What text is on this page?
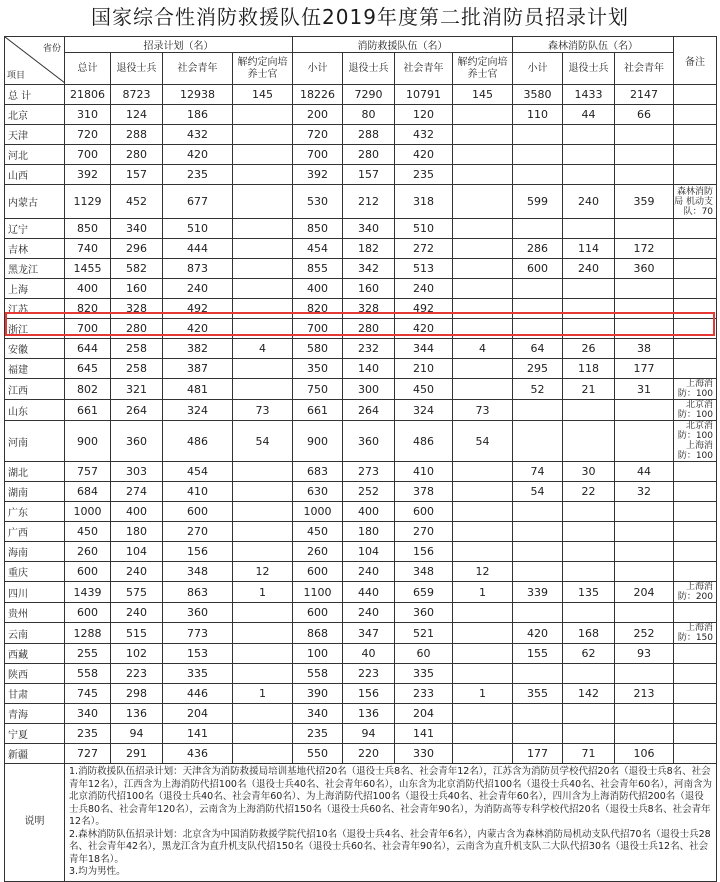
国家综合性消防救援队伍2019年度第二批消防员招录计划
省份
项目	招录计划（名）				消防救援队伍（名）				森林消防队伍（名）			备注
	总计	退役士兵	社会青年	解约定向培养士官	小计	退役士兵	社会青年	解约定向培养士官	小计	退役士兵	社会青年	
总 计	21806	8723	12938	145	18226	7290	10791	145	3580	1433	2147	
北京	310	124	186		200	80	120		110	44	66	
天津	720	288	432		720	288	432					
河北	700	280	420		700	280	420					
山西	392	157	235		392	157	235					
内蒙古	1129	452	677		530	212	318		599	240	359	森林消防局 机动支队：70
辽宁	850	340	510		850	340	510					
吉林	740	296	444		454	182	272		286	114	172	
黑龙江	1455	582	873		855	342	513		600	240	360	
上海	400	160	240		400	160	240					
江苏	820	328	492		820	328	492					
浙江	700	280	420		700	280	420					
安徽	644	258	382	4	580	232	344	4	64	26	38	
福建	645	258	387		350	140	210		295	118	177	
江西	802	321	481		750	300	450		52	21	31	上海消防：100
山东	661	264	324	73	661	264	324	73				北京消防：100
河南	900	360	486	54	900	360	486	54				北京消防：100 上海消防：100
湖北	757	303	454		683	273	410		74	30	44	
湖南	684	274	410		630	252	378		54	22	32	
广东	1000	400	600		1000	400	600					
广西	450	180	270		450	180	270					
海南	260	104	156		260	104	156					
重庆	600	240	348	12	600	240	348	12				
四川	1439	575	863	1	1100	440	659	1	339	135	204	上海消防：200
贵州	600	240	360		600	240	360					
云南	1288	515	773		868	347	521		420	168	252	上海消防：150
西藏	255	102	153		100	40	60		155	62	93	
陕西	558	223	335		558	223	335					
甘肃	745	298	446	1	390	156	233	1	355	142	213	
青海	340	136	204		340	136	204					
宁夏	235	94	141		235	94	141					
新疆	727	291	436		550	220	330		177	71	106	
说明	1.消防救援队伍招录计划：天津含为消防救援局培训基地代招20名（退役士兵8名、社会青年12名），江苏含为消防员学校代招20名（退役士兵8名、社会青年12名），江西含为上海消防代招100名（退役士兵40名、社会青年60名），山东含为北京消防代招100名（退役士兵40名、社会青年60名），河南含为北京消防代招100名（退役士兵40名、社会青年60名）、为上海消防代招100名（退役士兵40名、社会青年60名），四川含为上海消防代招200名（退役士兵80名、社会青年120名），云南含为上海消防代招150名（退役士兵60名、社会青年90名），为消防高等专科学校代招20名（退役士兵8名、社会青年12名）。
2.森林消防队伍招录计划：北京含为中国消防救援学院代招10名（退役士兵4名、社会青年6名），内蒙古含为森林消防局机动支队代招70名（退役士兵28名、社会青年42名），黑龙江含为直升机支队代招150名（退役士兵60名、社会青年90名），云南含为直升机支队二大队代招30名（退役士兵12名、社会青年18名）。
3.均为男性。											
